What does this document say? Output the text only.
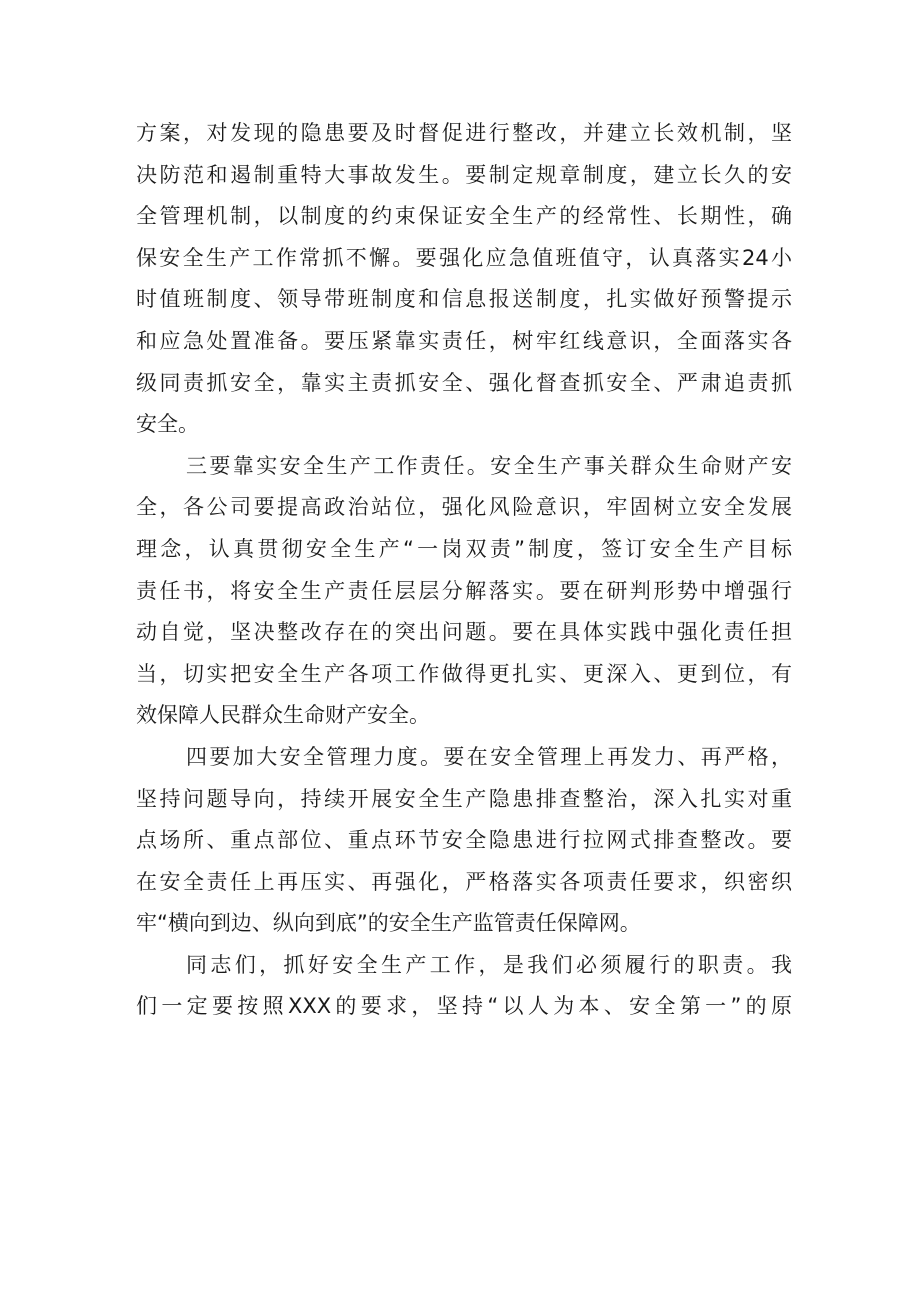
方案，对发现的隐患要及时督促进行整改，并建立长效机制，坚
决防范和遏制重特大事故发生。要制定规章制度，建立长久的安
全管理机制，以制度的约束保证安全生产的经常性、长期性，确
保安全生产工作常抓不懈。要强化应急值班值守，认真落实24小
时值班制度、领导带班制度和信息报送制度，扎实做好预警提示
和应急处置准备。要压紧靠实责任，树牢红线意识，全面落实各
级同责抓安全，靠实主责抓安全、强化督查抓安全、严肃追责抓
安全。
三要靠实安全生产工作责任。安全生产事关群众生命财产安
全，各公司要提高政治站位，强化风险意识，牢固树立安全发展
理念，认真贯彻安全生产“一岗双责”制度，签订安全生产目标
责任书，将安全生产责任层层分解落实。要在研判形势中增强行
动自觉，坚决整改存在的突出问题。要在具体实践中强化责任担
当，切实把安全生产各项工作做得更扎实、更深入、更到位，有
效保障人民群众生命财产安全。
四要加大安全管理力度。要在安全管理上再发力、再严格，
坚持问题导向，持续开展安全生产隐患排查整治，深入扎实对重
点场所、重点部位、重点环节安全隐患进行拉网式排查整改。要
在安全责任上再压实、再强化，严格落实各项责任要求，织密织
牢“横向到边、纵向到底”的安全生产监管责任保障网。
同志们，抓好安全生产工作，是我们必须履行的职责。我
们一定要按照XXX的要求，坚持“以人为本、安全第一”的原
